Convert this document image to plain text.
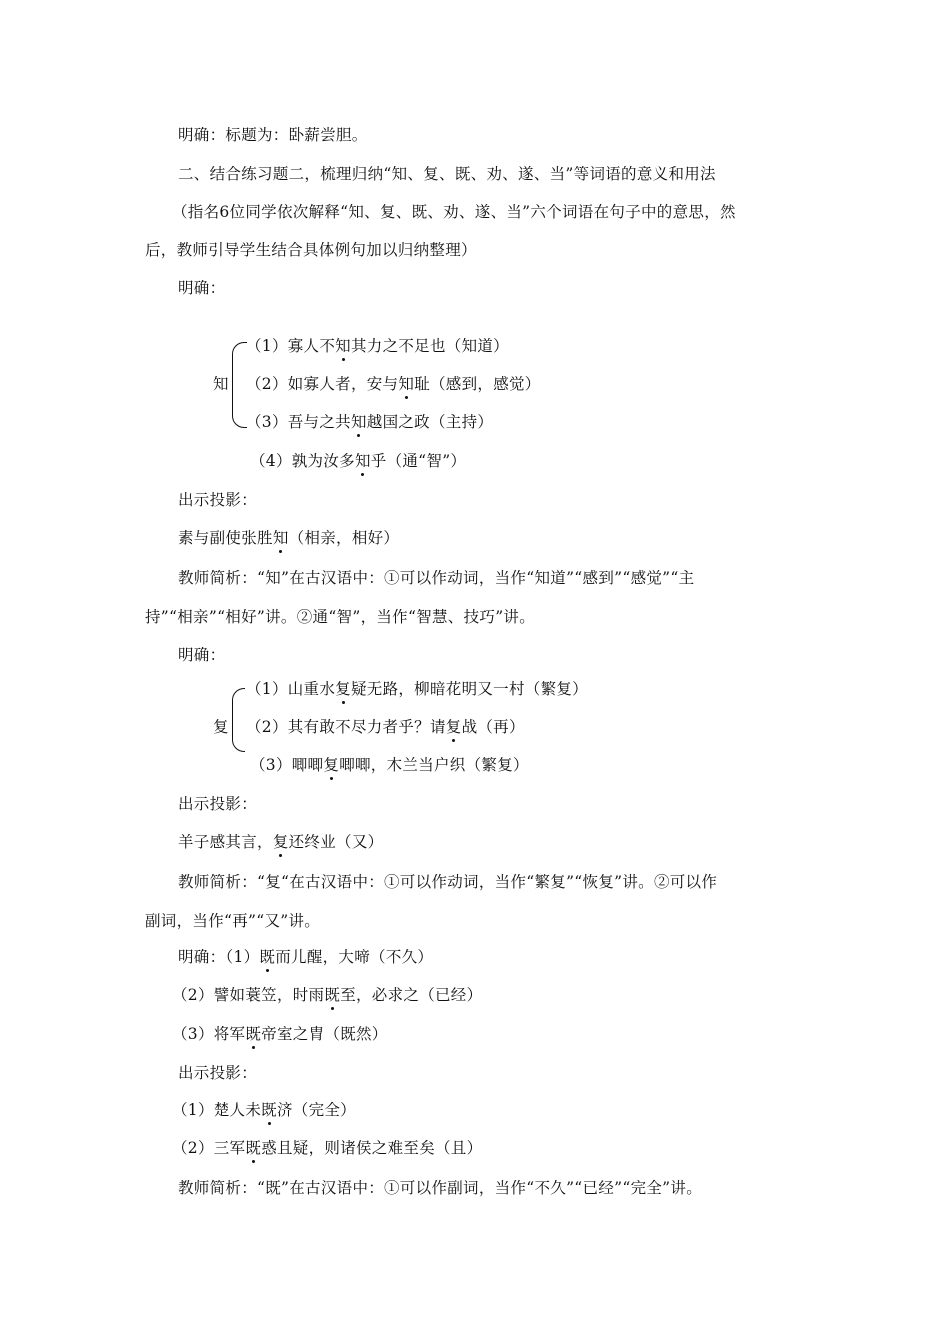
明确：标题为：卧薪尝胆。
二、结合练习题二，梳理归纳“知、复、既、劝、遂、当”等词语的意义和用法
（指名6位同学依次解释“知、复、既、劝、遂、当”六个词语在句子中的意思，然
后，教师引导学生结合具体例句加以归纳整理）
明确：
知
（1）寡人不知其力之不足也（知道）
（2）如寡人者，安与知耻（感到，感觉）
（3）吾与之共知越国之政（主持）
（4）孰为汝多知乎（通“智”）
出示投影：
素与副使张胜知（相亲，相好）
教师简析：“知”在古汉语中：①可以作动词，当作“知道”“感到”“感觉”“主
持”“相亲”“相好”讲。②通“智”，当作“智慧、技巧”讲。
明确：
复
（1）山重水复疑无路，柳暗花明又一村（繁复）
（2）其有敢不尽力者乎？请复战（再）
（3）唧唧复唧唧，木兰当户织（繁复）
出示投影：
羊子感其言，复还终业（又）
教师简析：“复“在古汉语中：①可以作动词，当作“繁复”“恢复”讲。②可以作
副词，当作“再”“又”讲。
明确：（1）既而儿醒，大啼（不久）
（2）譬如蓑笠，时雨既至，必求之（已经）
（3）将军既帝室之胄（既然）
出示投影：
（1）楚人未既济（完全）
（2）三军既惑且疑，则诸侯之难至矣（且）
教师简析：“既”在古汉语中：①可以作副词，当作“不久”“已经”“完全”讲。
